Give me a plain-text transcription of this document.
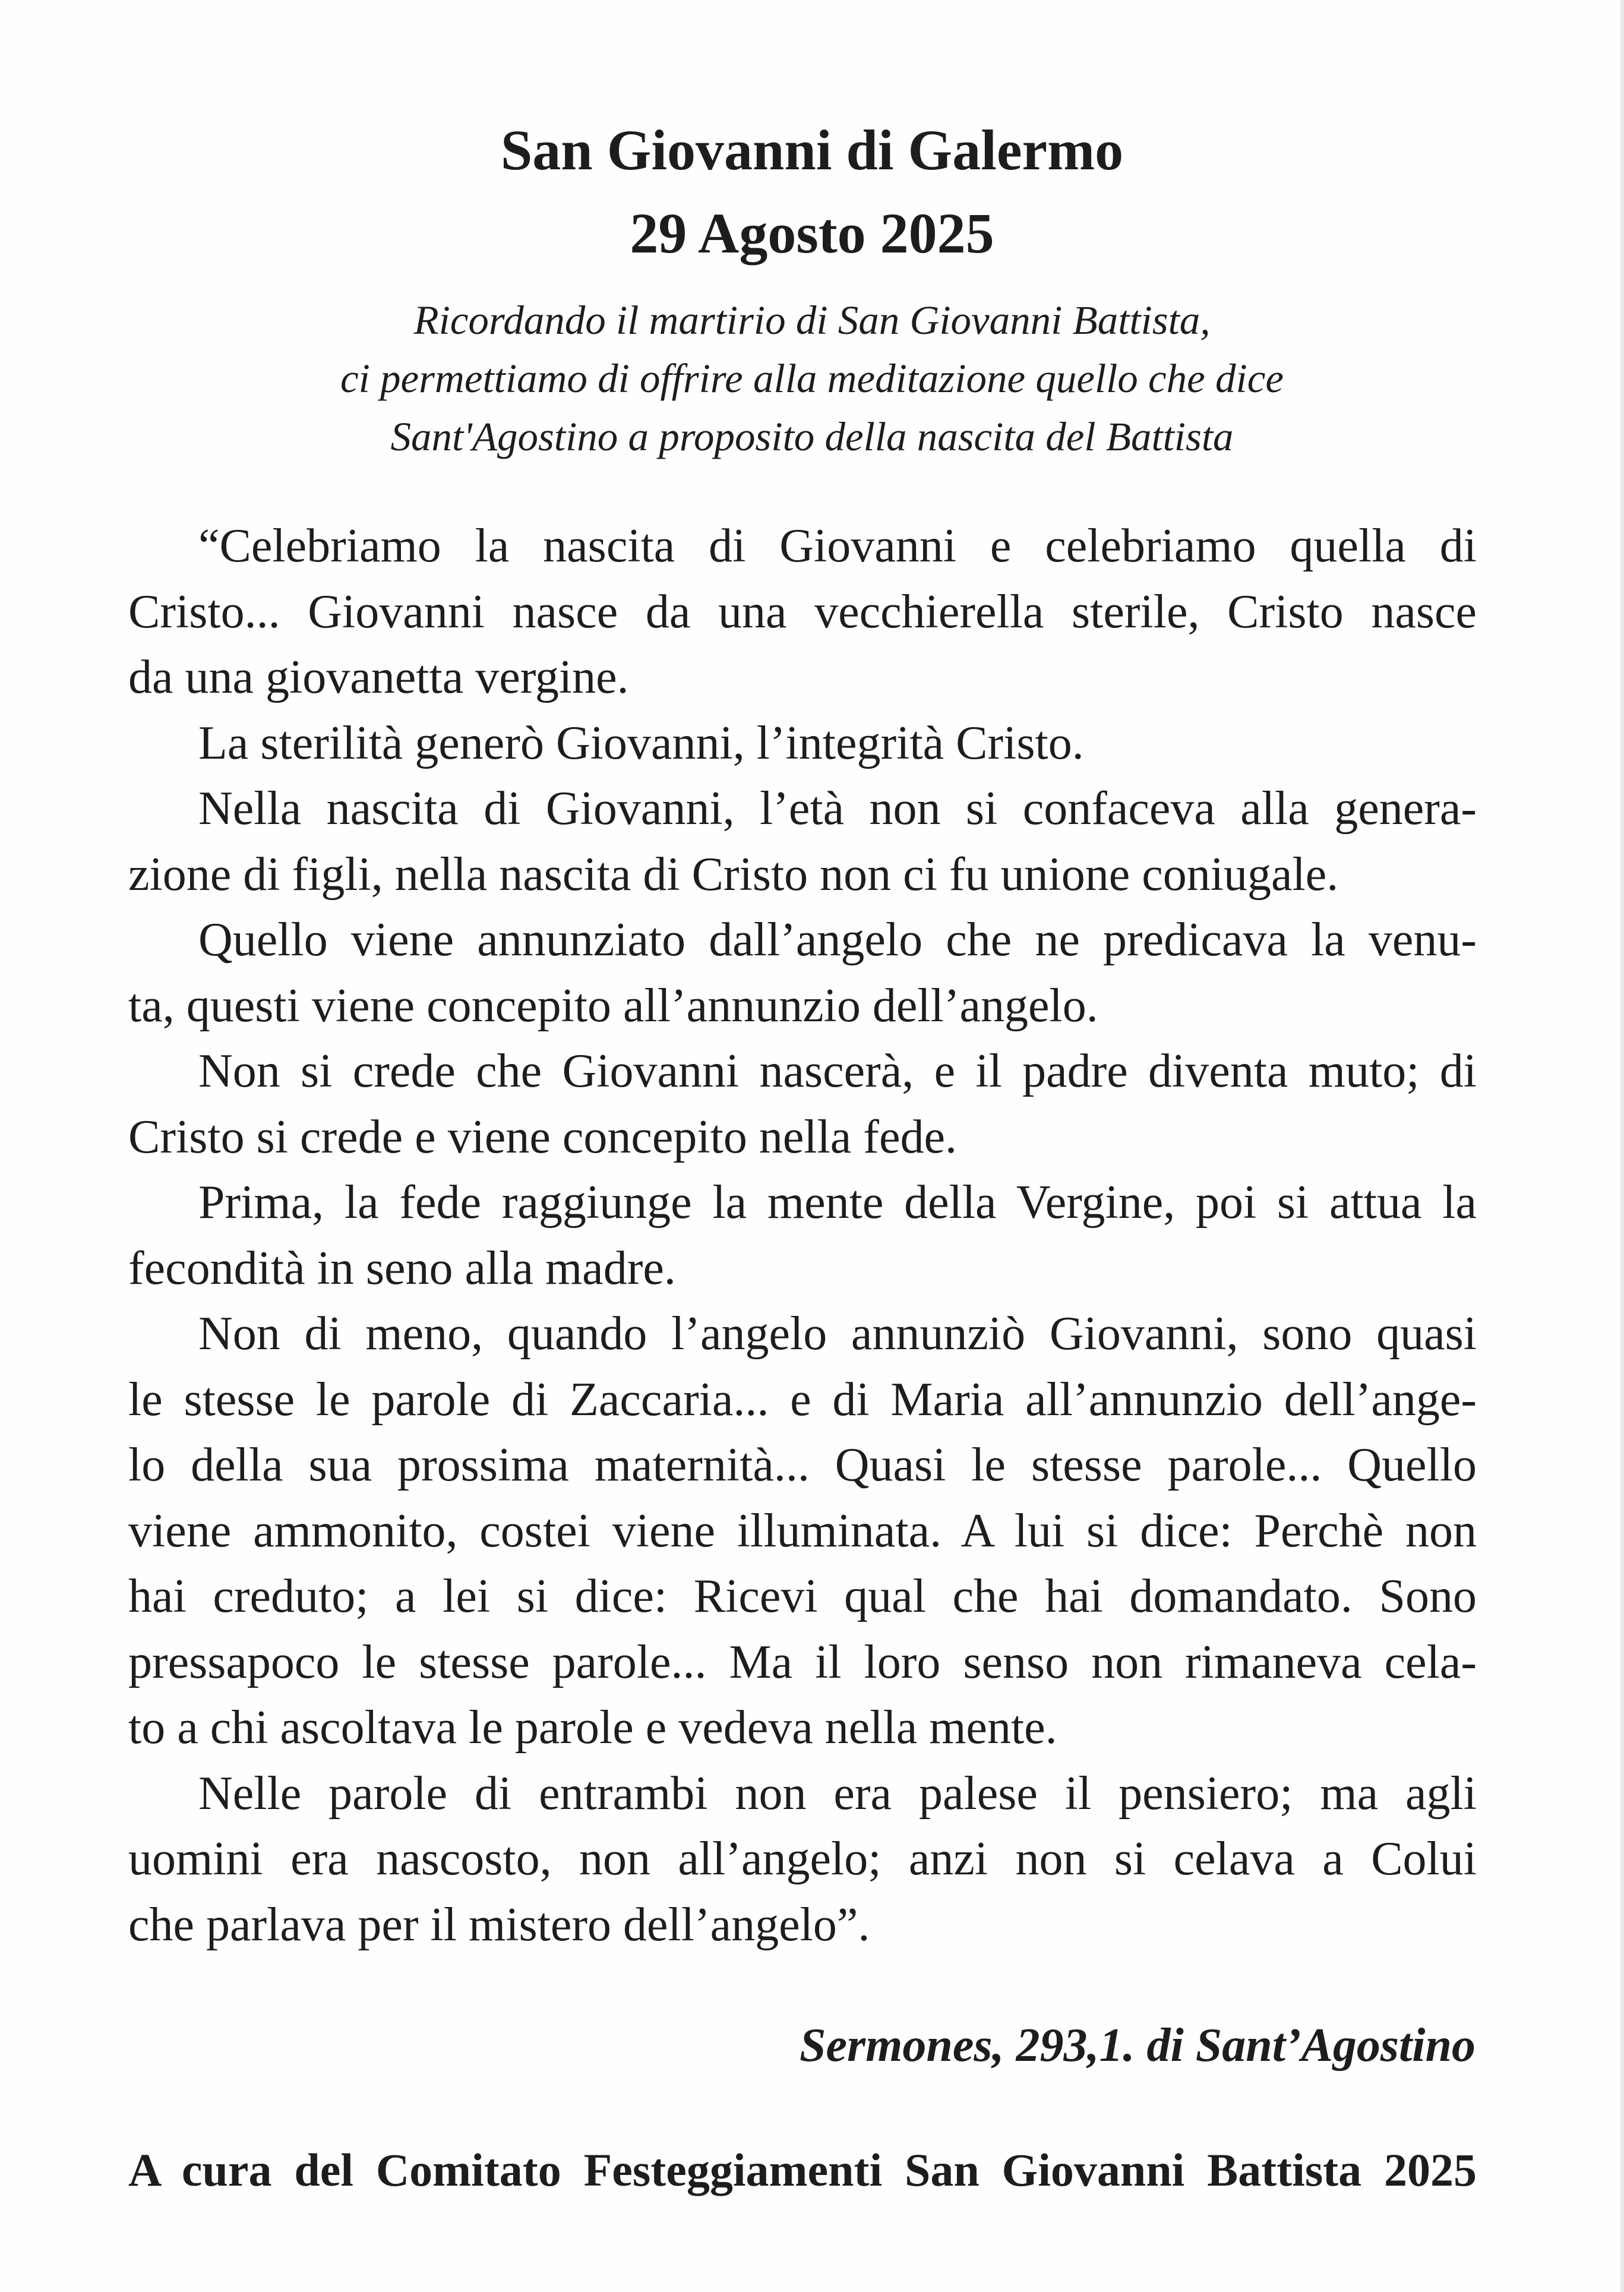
San Giovanni di Galermo
29 Agosto 2025
Ricordando il martirio di San Giovanni Battista,
ci permettiamo di offrire alla meditazione quello che dice
Sant'Agostino a proposito della nascita del Battista
“Celebriamo la nascita di Giovanni e celebriamo quella di
Cristo... Giovanni nasce da una vecchierella sterile, Cristo nasce
da una giovanetta vergine.
La sterilità generò Giovanni, l’integrità Cristo.
Nella nascita di Giovanni, l’età non si confaceva alla genera-
zione di figli, nella nascita di Cristo non ci fu unione coniugale.
Quello viene annunziato dall’angelo che ne predicava la venu-
ta, questi viene concepito all’annunzio dell’angelo.
Non si crede che Giovanni nascerà, e il padre diventa muto; di
Cristo si crede e viene concepito nella fede.
Prima, la fede raggiunge la mente della Vergine, poi si attua la
fecondità in seno alla madre.
Non di meno, quando l’angelo annunziò Giovanni, sono quasi
le stesse le parole di Zaccaria... e di Maria all’annunzio dell’ange-
lo della sua prossima maternità... Quasi le stesse parole... Quello
viene ammonito, costei viene illuminata. A lui si dice: Perchè non
hai creduto; a lei si dice: Ricevi qual che hai domandato. Sono
pressapoco le stesse parole... Ma il loro senso non rimaneva cela-
to a chi ascoltava le parole e vedeva nella mente.
Nelle parole di entrambi non era palese il pensiero; ma agli
uomini era nascosto, non all’angelo; anzi non si celava a Colui
che parlava per il mistero dell’angelo”.
Sermones, 293,1. di Sant’Agostino
A cura del Comitato Festeggiamenti San Giovanni Battista 2025
